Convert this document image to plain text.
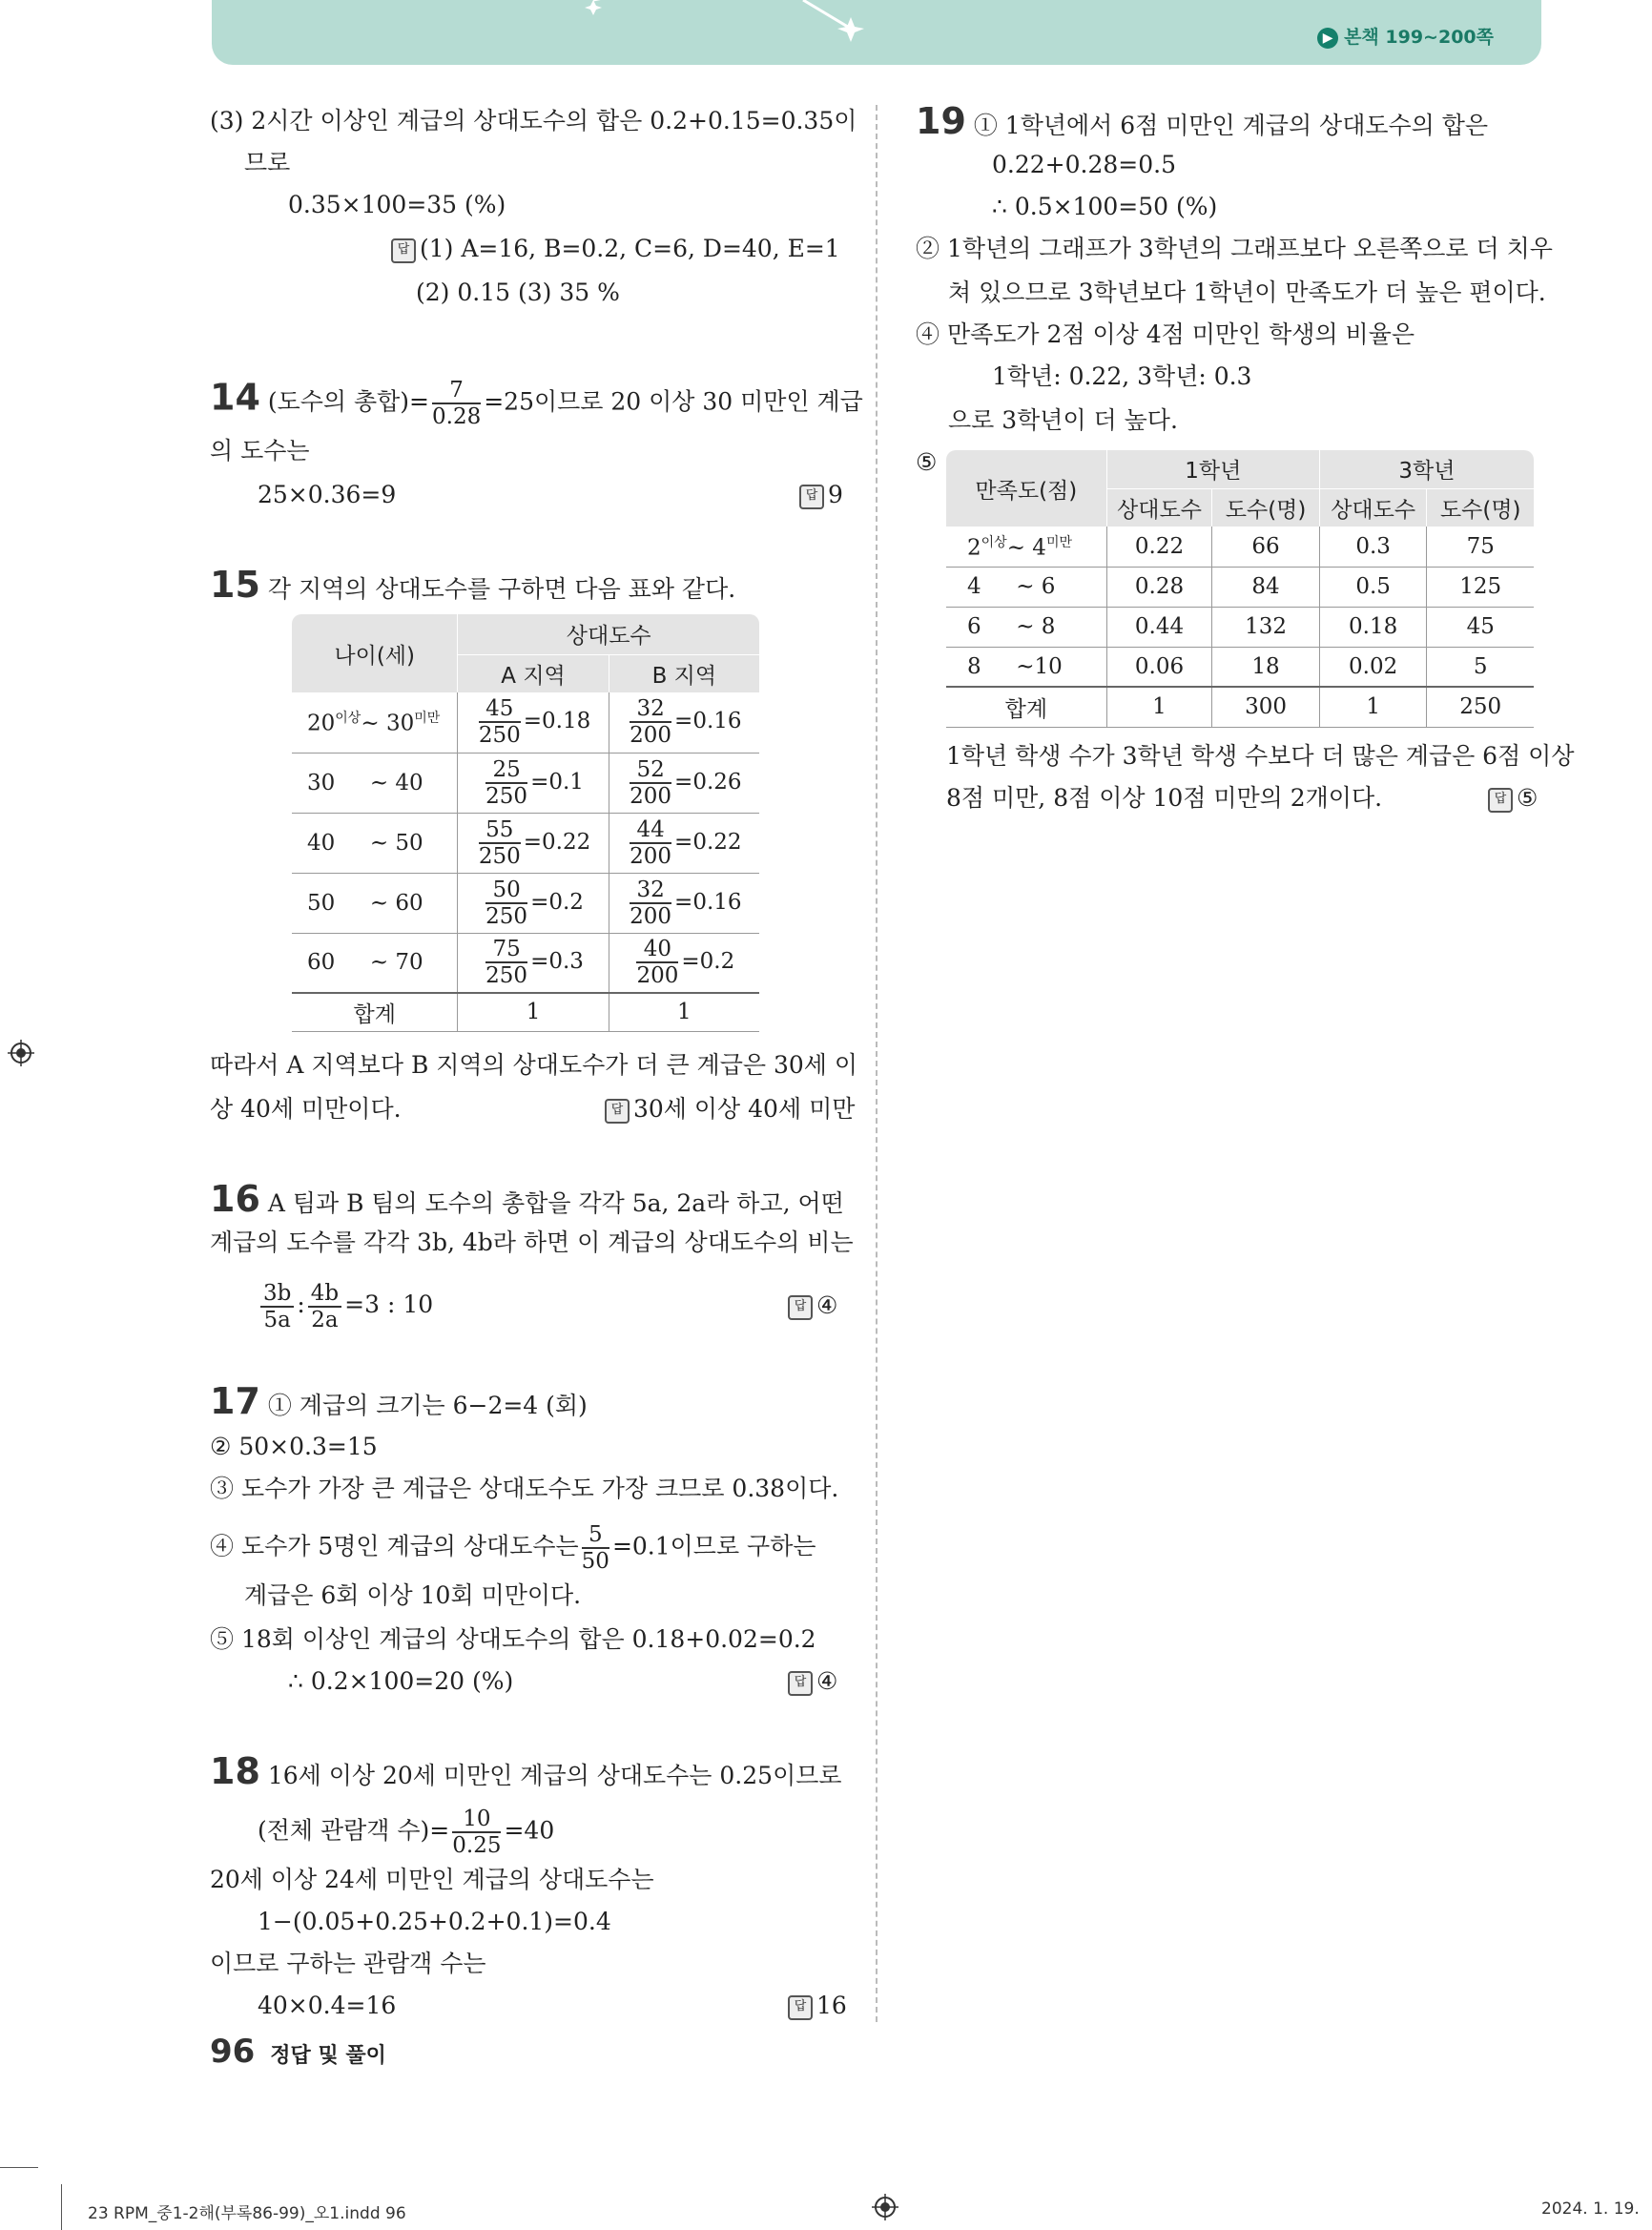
▶ 본책 199~200쪽
(3) 2시간 이상인 계급의 상대도수의 합은 0.2+0.15=0.35이
므로
0.35×100=35 (%)
답 (1) A=16, B=0.2, C=6, D=40, E=1
(2) 0.15 (3) 35 %
14 (도수의 총합)= $\frac{7}{0.28} =25$이므로 20 이상 30 미만인 계급
의 도수는
25×0.36=9	답 9
15 각 지역의 상대도수를 구하면 다음 표와 같다.
나이(세)	상대도수	
	A 지역	B 지역
$20^{이상}\sim$ $30^{미만}$	$\frac{45}{250} =0.18$	$\frac{32}{200} =0.16$
30     ~ 40	$\frac{25}{250} =0.1$	$\frac{52}{200} =0.26$
40     ~ 50	$\frac{55}{250} =0.22$	$\frac{44}{200} =0.22$
50     ~ 60	$\frac{50}{250} =0.2$	$\frac{32}{200} =0.16$
60     ~ 70	$\frac{75}{250} =0.3$	$\frac{40}{200} =0.2$
합계	1	1
따라서 A 지역보다 B 지역의 상대도수가 더 큰 계급은 30세 이
상 40세 미만이다.	답 30세 이상 40세 미만
16 A 팀과 B 팀의 도수의 총합을 각각 5a, 2a라 하고, 어떤
계급의 도수를 각각 3b, 4b라 하면 이 계급의 상대도수의 비는
$\frac{3b}{5a}$ : $\frac{4b}{2a} =3$ : 10	답 ④
17 ① 계급의 크기는 6−2=4 (회)
② 50×0.3=15
③ 도수가 가장 큰 계급은 상대도수도 가장 크므로 0.38이다.
④ 도수가 5명인 계급의 상대도수는 $\frac{5}{50} =0.1$이므로 구하는
계급은 6회 이상 10회 미만이다.
⑤ 18회 이상인 계급의 상대도수의 합은 0.18+0.02=0.2
∴ 0.2×100=20 (%)	답 ④
18 16세 이상 20세 미만인 계급의 상대도수는 0.25이므로
(전체 관람객 수)= $\frac{10}{0.25} =40$
20세 이상 24세 미만인 계급의 상대도수는
1−(0.05+0.25+0.2+0.1)=0.4
이므로 구하는 관람객 수는
40×0.4=16	답 16
96 정답 및 풀이
19 ① 1학년에서 6점 미만인 계급의 상대도수의 합은
0.22+0.28=0.5
∴ 0.5×100=50 (%)
② 1학년의 그래프가 3학년의 그래프보다 오른쪽으로 더 치우
쳐 있으므로 3학년보다 1학년이 만족도가 더 높은 편이다.
④ 만족도가 2점 이상 4점 미만인 학생의 비율은
1학년: 0.22, 3학년: 0.3
으로 3학년이 더 높다.
⑤
만족도(점)	1학년		3학년	
	상대도수	도수(명)	상대도수	도수(명)
$2^{이상}\sim$ $4^{미만}$	0.22	66	0.3	75
4     ~ 6	0.28	84	0.5	125
6     ~ 8	0.44	132	0.18	45
8     ~10	0.06	18	0.02	5
합계	1	300	1	250
1학년 학생 수가 3학년 학생 수보다 더 많은 계급은 6점 이상
8점 미만, 8점 이상 10점 미만의 2개이다.	답 ⑤
23 RPM_중1-2해(부록86-99)_오1.indd 96	2024. 1. 19.
